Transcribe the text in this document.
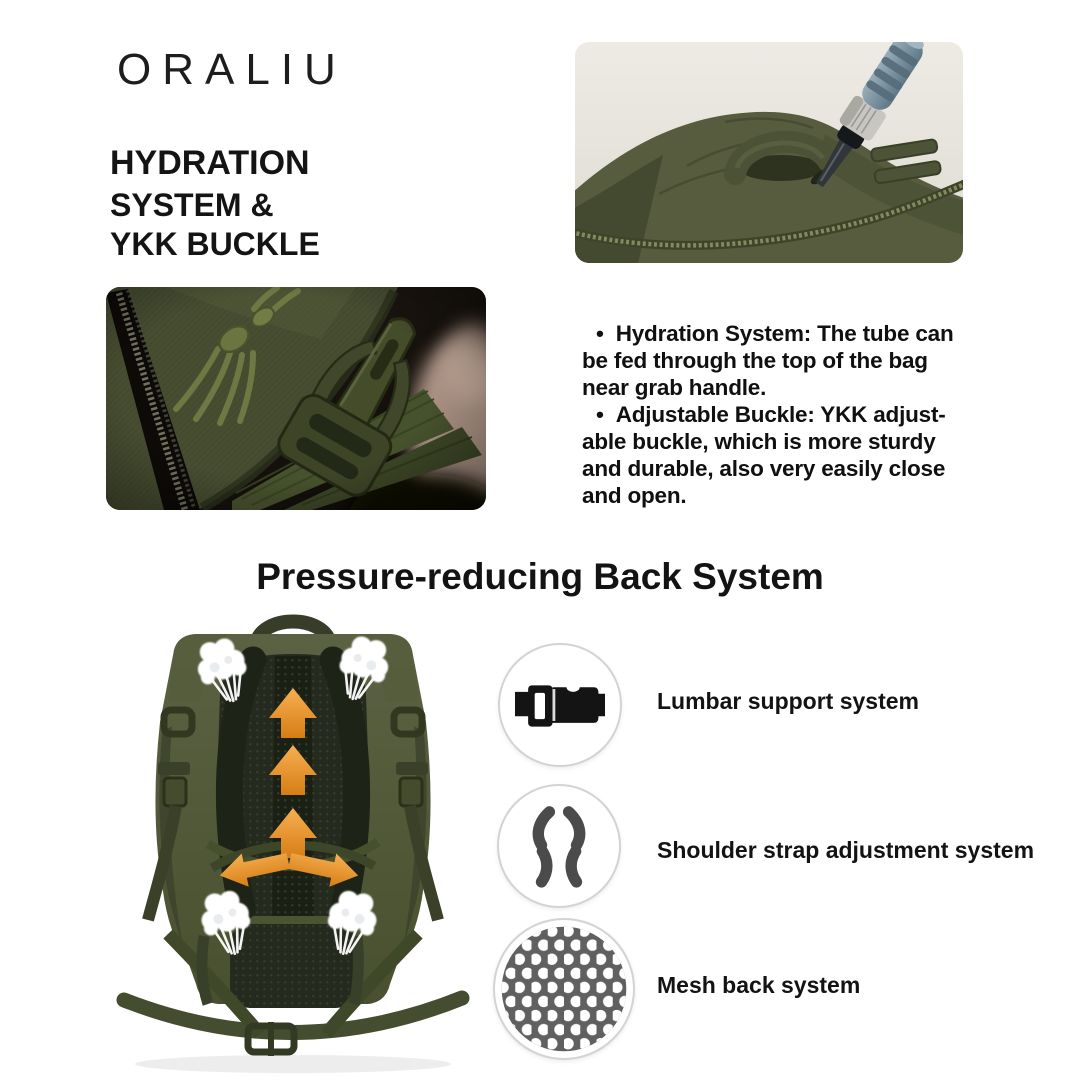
ORALIU
HYDRATION
SYSTEM &
YKK BUCKLE
• Hydration System: The tube can
be fed through the top of the bag
near grab handle.
• Adjustable Buckle: YKK adjust-
able buckle, which is more sturdy
and durable, also very easily close
and open.
Pressure-reducing Back System
Lumbar support system
Shoulder strap adjustment system
Mesh back system
